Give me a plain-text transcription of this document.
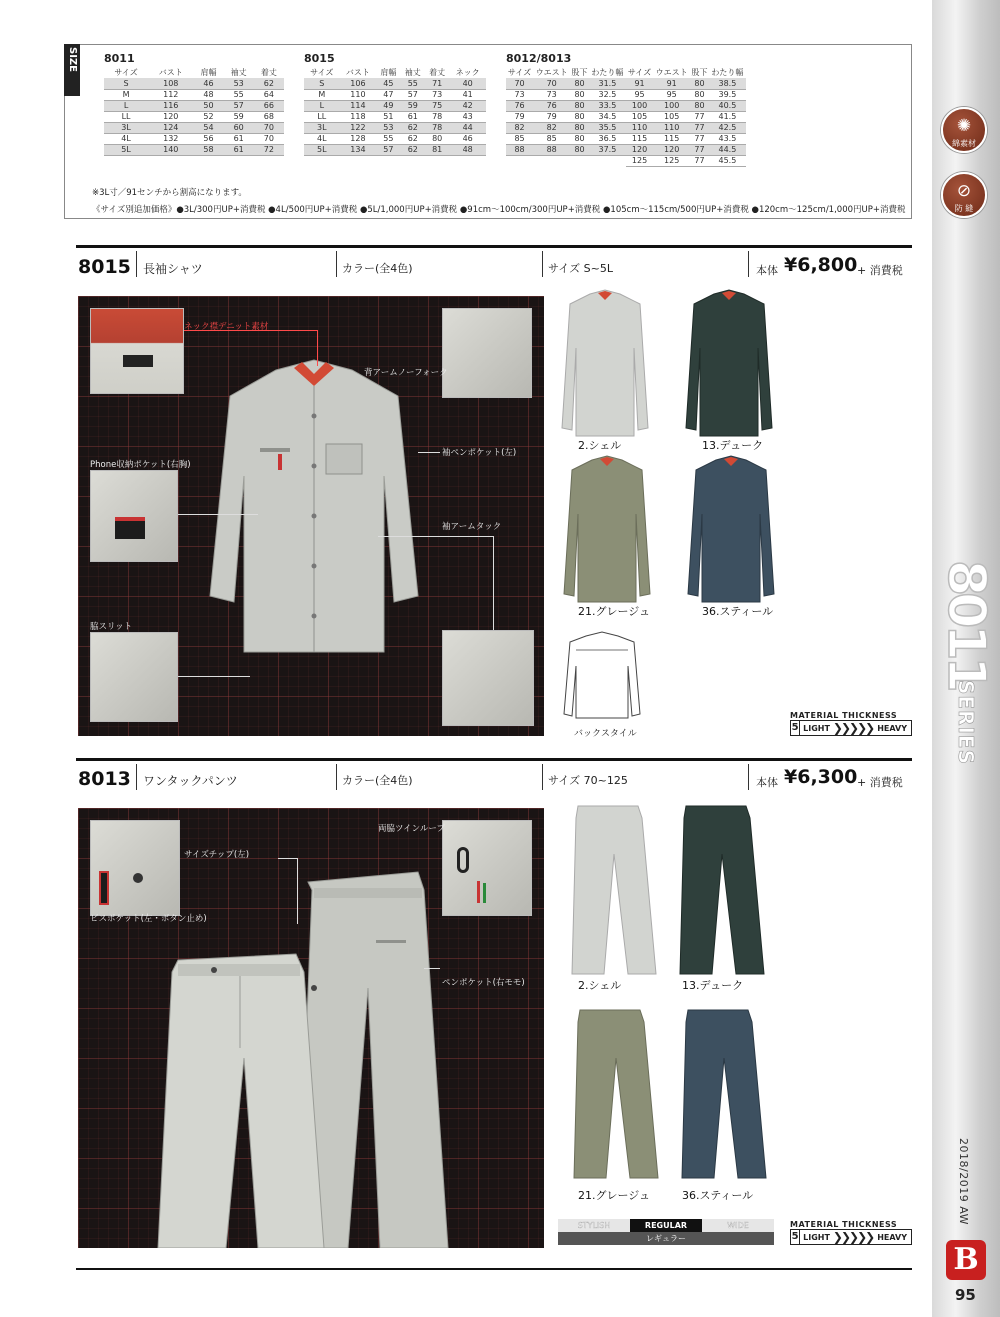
✺
綿素材
⊘
防 縫
8011
SERIES
2018/2019 AW
B
95
SIZE 8011
サイズ	バスト	肩幅	袖丈	着丈
S	108	46	53	62
M	112	48	55	64
L	116	50	57	66
LL	120	52	59	68
3L	124	54	60	70
4L	132	56	61	70
5L	140	58	61	72
8015
サイズ	バスト	肩幅	袖丈	着丈	ネック
S	106	45	55	71	40
M	110	47	57	73	41
L	114	49	59	75	42
LL	118	51	61	78	43
3L	122	53	62	78	44
4L	128	55	62	80	46
5L	134	57	62	81	48
8012/8013
サイズ	ウエスト	股下	わたり幅	サイズ	ウエスト	股下	わたり幅
70	70	80	31.5	91	91	80	38.5
73	73	80	32.5	95	95	80	39.5
76	76	80	33.5	100	100	80	40.5
79	79	80	34.5	105	105	77	41.5
82	82	80	35.5	110	110	77	42.5
85	85	80	36.5	115	115	77	43.5
88	88	80	37.5	120	120	77	44.5
				125	125	77	45.5
※3L寸／91センチから割高になります。
《サイズ別追加価格》●3L/300円UP+消費税 ●4L/500円UP+消費税 ●5L/1,000円UP+消費税 ●91cm～100cm/300円UP+消費税 ●105cm～115cm/500円UP+消費税 ●120cm～125cm/1,000円UP+消費税
8015 長袖シャツ	カラー(全4色)	サイズ S~5L	本体 ¥6,800 + 消費税
ネック襟デニット素材
背アームノーフォーク
Phone収納ポケット(右胸)
袖ペンポケット(左)
袖アームタック
脇スリット
2.シェル	13.デューク
21.グレージュ	36.スティール
バックスタイル
MATERIAL THICKNESS
5 LIGHT ❯❯❯❯❯ HEAVY
8013 ワンタックパンツ	カラー(全4色)	サイズ 70~125	本体 ¥6,300 + 消費税
サイズチップ(左)
両脇ツインループ
ビスポケット(左・ボタン止め)
ペンポケット(右モモ)	2.シェル	13.デューク
21.グレージュ	36.スティール
STYLISH	REGULAR	WIDE
レギュラー
MATERIAL THICKNESS
5 LIGHT ❯❯❯❯❯ HEAVY
